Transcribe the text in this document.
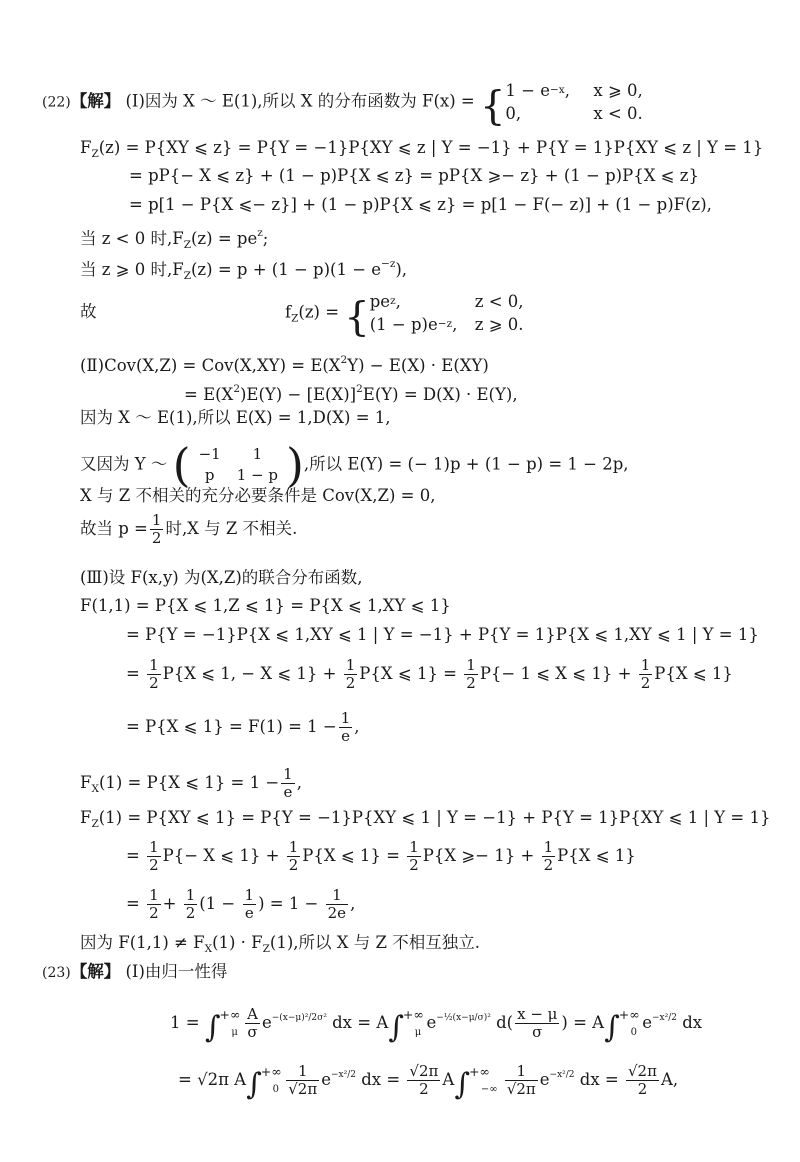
(22)【解】 (Ⅰ)因为 X ～ E(1),所以 X 的分布函数为 F(x) = { 1 − e −x ,	x ⩾ 0,
0,	x < 0.
$F_Z(z) = P\{XY$ ⩽ z} = P{Y = −1}P{XY ⩽ z | Y = −1} + P{Y = 1}P{XY ⩽ z | Y = 1}
= pP{− X ⩽ z} + (1 − p)P{X ⩽ z} = pP{X ⩾− z} + (1 − p)P{X ⩽ z}
= p[1 − P{X ⩽− z}] + (1 − p)P{X ⩽ z} = p[1 − F(− z)] + (1 − p)F(z),
当 z < 0 时$,F_Z(z) = pe^z$;
当 z ⩾ 0 时$,F_Z(z) = p + (1 - p)(1 - e^{-z})$,
故	$f_Z(z)$ = { pe z ,	z < 0,
(1 − p)e −z , z ⩾ 0.
(Ⅱ)Cov(X,Z) = $Cov(X,XY) = E(X^2Y) - E(X) \cdot E(XY)$
= $E(X^2)E(Y) - [E(X)]^2E(Y) = D(X) \cdot E(Y)$,
因为 X ～ E(1),所以 E(X) = 1,D(X) = 1,
又因为 Y ～ ( −1	1
p	1 − p ) ,所以 E(Y) = (− 1)p + (1 − p) = 1 − 2p,
X 与 Z 不相关的充分必要条件是 Cov(X,Z) = 0,
故当 $p = \frac{1}{2}$ 时,X 与 Z 不相关.
(Ⅲ)设 F(x,y) 为(X,Z)的联合分布函数,
F(1,1) = P{X ⩽ 1,Z ⩽ 1} = P{X ⩽ 1,XY ⩽ 1}
= P{Y = −1}P{X ⩽ 1,XY ⩽ 1 | Y = −1} + P{Y = 1}P{X ⩽ 1,XY ⩽ 1 | Y = 1}
= $\frac{1}{2} P\{X$ ⩽ 1, − X ⩽ $1\} + \frac{1}{2} P\{X$ ⩽ $1\} = \frac{1}{2} P\{- 1$ ⩽ X ⩽ $1\} + \frac{1}{2} P\{X$ ⩽ 1}
= P{X ⩽ $1\} = F(1) = 1 - \frac{1}{e}$ ,
$F_X(1) = P\{X$ ⩽ $1\} = 1 - \frac{1}{e}$ ,
$F_Z(1) = P\{XY$ ⩽ 1} = P{Y = −1}P{XY ⩽ 1 | Y = −1} + P{Y = 1}P{XY ⩽ 1 | Y = 1}
= $\frac{1}{2} P\{- X$ ⩽ $1\} + \frac{1}{2} P\{X$ ⩽ $1\} = \frac{1}{2} P\{X$ ⩾− $1\} + \frac{1}{2} P\{X$ ⩽ 1}
= $\frac{1}{2} + \frac{1}{2} (1 - \frac{1}{e}$ ) = $1 - \frac{1}{2e}$ ,
因为 $F(1,1) \ne F_X(1) \cdot F_Z(1)$,所以 X 与 Z 不相互独立.
(23)【解】 (Ⅰ)由归一性得
$1 = \int^{+\infty}_\mu \frac{A}{\sigma} e^{-(x-\mu)^2/2\sigma^2}$ dx = $A\int^{+\infty}_\mu$ $e^{-\frac{1}{2}(x-\mu/\sigma)^2}$ $d( \frac{x - \mu}{\sigma}$ ) = $A\int^{+\infty}_0$ $e^{-x^2/2}$ dx
= √2π $A\int^{+\infty}_0 \frac{1}{√2\pi} e^{-x^2/2}$ dx = $\frac{√2\pi}{2} A\int^{+\infty}_{-\infty} \frac{1}{√2\pi} e^{-x^2/2}$ dx = $\frac{√2\pi}{2} A$,
